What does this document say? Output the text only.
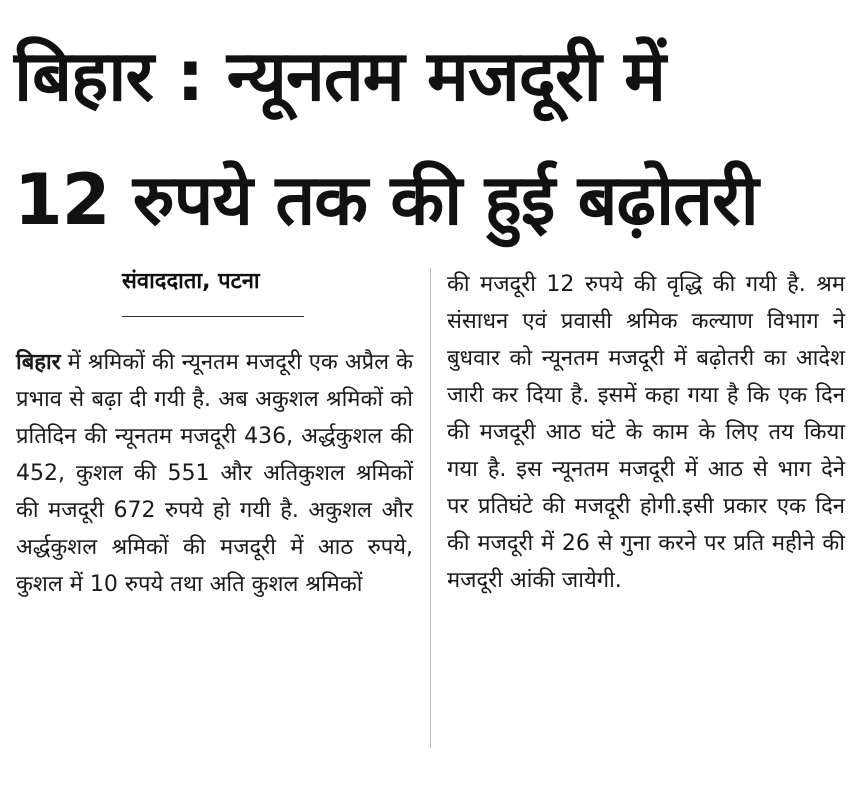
बिहार : न्यूनतम मजदूरी में
12 रुपये तक की हुई बढ़ोतरी
संवाददाता, पटना
बिहार में श्रमिकों की न्यूनतम मजदूरी एक अप्रैल के प्रभाव से बढ़ा दी गयी है. अब अकुशल श्रमिकों को प्रतिदिन की न्यूनतम मजदूरी 436, अर्द्धकुशल की 452, कुशल की 551 और अतिकुशल श्रमिकों की मजदूरी 672 रुपये हो गयी है. अकुशल और अर्द्धकुशल श्रमिकों की मजदूरी में आठ रुपये, कुशल में 10 रुपये तथा अति कुशल श्रमिकों
की मजदूरी 12 रुपये की वृद्धि की गयी है. श्रम संसाधन एवं प्रवासी श्रमिक कल्याण विभाग ने बुधवार को न्यूनतम मजदूरी में बढ़ोतरी का आदेश जारी कर दिया है. इसमें कहा गया है कि एक दिन की मजदूरी आठ घंटे के काम के लिए तय किया गया है. इस न्यूनतम मजदूरी में आठ से भाग देने पर प्रतिघंटे की मजदूरी होगी.इसी प्रकार एक दिन की मजदूरी में 26 से गुना करने पर प्रति महीने की मजदूरी आंकी जायेगी.
